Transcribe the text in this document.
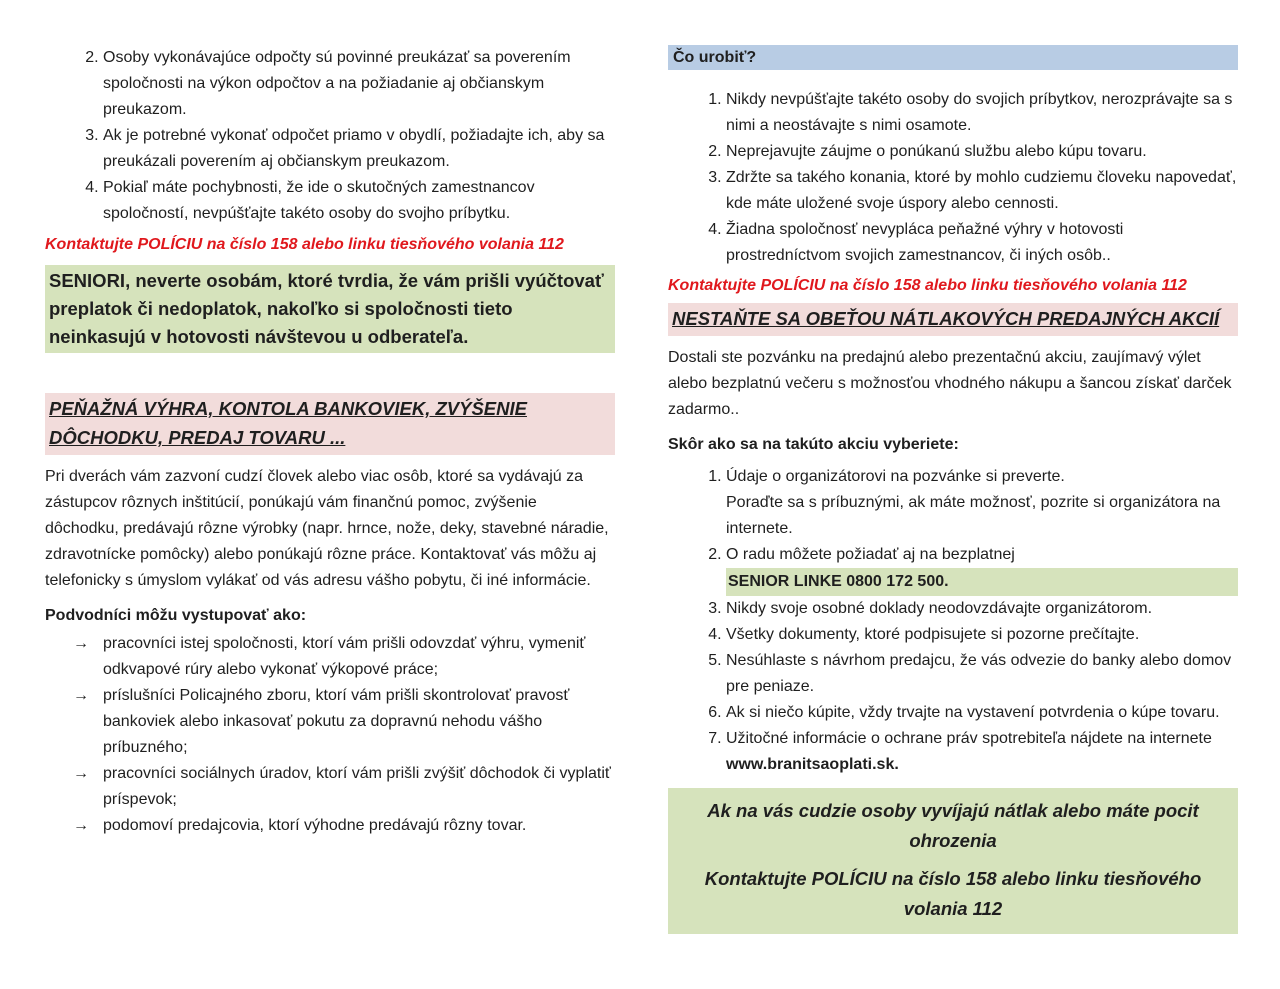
2. Osoby vykonávajúce odpočty sú povinné preukázať sa poverením spoločnosti na výkon odpočtov a na požiadanie aj občianskym preukazom.
3. Ak je potrebné vykonať odpočet priamo v obydlí, požiadajte ich, aby sa preukázali poverením aj občianskym preukazom.
4. Pokiaľ máte pochybnosti, že ide o skutočných zamestnancov spoločností, nevpúšťajte takéto osoby do svojho príbytku.

Kontaktujte POLÍCIU na číslo 158 alebo linku tiesňového volania 112

SENIORI, neverte osobám, ktoré tvrdia, že vám prišli vyúčtovať preplatok či nedoplatok, nakoľko si spoločnosti tieto neinkasujú v hotovosti návštevou u odberateľa.
PEŇAŽNÁ VÝHRA, KONTOLA BANKOVIEK, ZVÝŠENIE DÔCHODKU, PREDAJ TOVARU ...

Pri dverách vám zazvoní cudzí človek alebo viac osôb, ktoré sa vydávajú za zástupcov rôznych inštitúcií, ponúkajú vám finančnú pomoc, zvýšenie dôchodku, predávajú rôzne výrobky (napr. hrnce, nože, deky, stavebné náradie, zdravotnícke pomôcky) alebo ponúkajú rôzne práce. Kontaktovať vás môžu aj telefonicky s úmyslom vylákať od vás adresu vášho pobytu, či iné informácie.

Podvodníci môžu vystupovať ako:

→ pracovníci istej spoločnosti, ktorí vám prišli odovzdať výhru, vymeniť odkvapové rúry alebo vykonať výkopové práce;
→ príslušníci Policajného zboru, ktorí vám prišli skontrolovať pravosť bankoviek alebo inkasovať pokutu za dopravnú nehodu vášho príbuzného;
→ pracovníci sociálnych úradov, ktorí vám prišli zvýšiť dôchodok či vyplatiť príspevok;
→ podomoví predajcovia, ktorí výhodne predávajú rôzny tovar.
Čo urobiť?
1. Nikdy nevpúšťajte takéto osoby do svojich príbytkov, nerozprávajte sa s nimi a neostávajte s nimi osamote.
2. Neprejavujte záujme o ponúkanú službu alebo kúpu tovaru.
3. Zdržte sa takého konania, ktoré by mohlo cudziemu človeku napovedať, kde máte uložené svoje úspory alebo cennosti.
4. Žiadna spoločnosť nevypláca peňažné výhry v hotovosti prostredníctvom svojich zamestnancov, či iných osôb..

Kontaktujte POLÍCIU na číslo 158 alebo linku tiesňového volania 112

NESTAŇTE SA OBEŤOU NÁTLAKOVÝCH PREDAJNÝCH AKCIÍ

Dostali ste pozvánku na predajnú alebo prezentačnú akciu, zaujímavý výlet alebo bezplatnú večeru s možnosťou vhodného nákupu a šancou získať darček zadarmo..

Skôr ako sa na takúto akciu vyberiete:

1. Údaje o organizátorovi na pozvánke si preverte.
Poraďte sa s príbuznými, ak máte možnosť, pozrite si organizátora na internete.
2. O radu môžete požiadať aj na bezplatnej
SENIOR LINKE 0800 172 500.
3. Nikdy svoje osobné doklady neodovzdávajte organizátorom.
4. Všetky dokumenty, ktoré podpisujete si pozorne prečítajte.
5. Nesúhlaste s návrhom predajcu, že vás odvezie do banky alebo domov pre peniaze.
6. Ak si niečo kúpite, vždy trvajte na vystavení potvrdenia o kúpe tovaru.
7. Užitočné informácie o ochrane práv spotrebiteľa nájdete na internete www.branitsaoplati.sk.

Ak na vás cudzie osoby vyvíjajú nátlak alebo máte pocit ohrozenia

Kontaktujte POLÍCIU na číslo 158 alebo linku tiesňového volania 112
